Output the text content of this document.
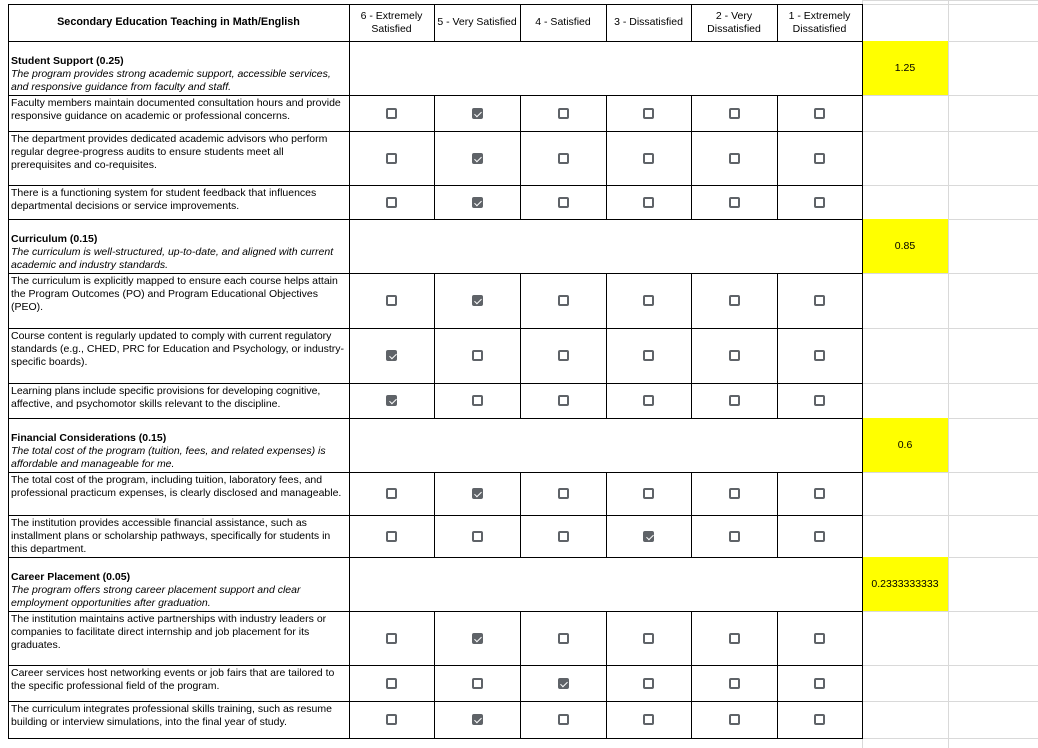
Secondary Education Teaching in Math/English
6 - Extremely Satisfied
5 - Very Satisfied	4 - Satisfied	3 - Dissatisfied
2 - Very Dissatisfied
1 - Extremely Dissatisfied
Student Support (0.25)
The program provides strong academic support, accessible services, and responsive guidance from faculty and staff.
1.25
Faculty members maintain documented consultation hours and provide responsive guidance on academic or professional concerns.
The department provides dedicated academic advisors who perform regular degree-progress audits to ensure students meet all prerequisites and co-requisites.
There is a functioning system for student feedback that influences departmental decisions or service improvements.
Curriculum (0.15)
The curriculum is well-structured, up-to-date, and aligned with current academic and industry standards.
0.85
The curriculum is explicitly mapped to ensure each course helps attain the Program Outcomes (PO) and Program Educational Objectives (PEO).
Course content is regularly updated to comply with current regulatory standards (e.g., CHED, PRC for Education and Psychology, or industry-specific boards).
Learning plans include specific provisions for developing cognitive, affective, and psychomotor skills relevant to the discipline.
Financial Considerations (0.15)
The total cost of the program (tuition, fees, and related expenses) is affordable and manageable for me.
0.6
The total cost of the program, including tuition, laboratory fees, and professional practicum expenses, is clearly disclosed and manageable.
The institution provides accessible financial assistance, such as installment plans or scholarship pathways, specifically for students in this department.
Career Placement (0.05)
The program offers strong career placement support and clear employment opportunities after graduation.
0.2333333333
The institution maintains active partnerships with industry leaders or companies to facilitate direct internship and job placement for its graduates.
Career services host networking events or job fairs that are tailored to the specific professional field of the program.
The curriculum integrates professional skills training, such as resume building or interview simulations, into the final year of study.
